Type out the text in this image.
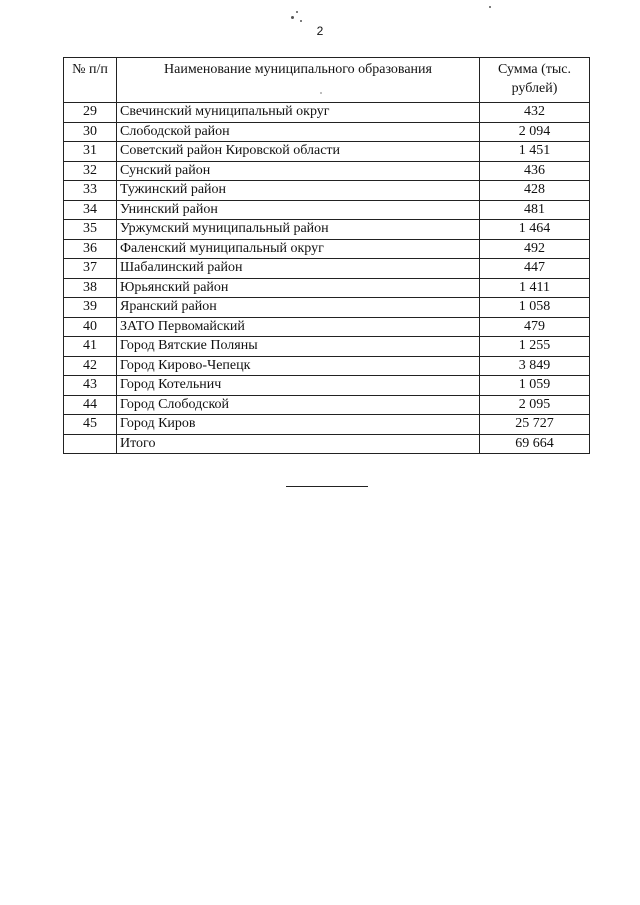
2
№ п/п	Наименование муниципального образования	Сумма (тыс. рублей)
29	Свечинский муниципальный округ	432
30	Слободской район	2 094
31	Советский район Кировской области	1 451
32	Сунский район	436
33	Тужинский район	428
34	Унинский район	481
35	Уржумский муниципальный район	1 464
36	Фаленский муниципальный округ	492
37	Шабалинский район	447
38	Юрьянский район	1 411
39	Яранский район	1 058
40	ЗАТО Первомайский	479
41	Город Вятские Поляны	1 255
42	Город Кирово-Чепецк	3 849
43	Город Котельнич	1 059
44	Город Слободской	2 095
45	Город Киров	25 727
	Итого	69 664
